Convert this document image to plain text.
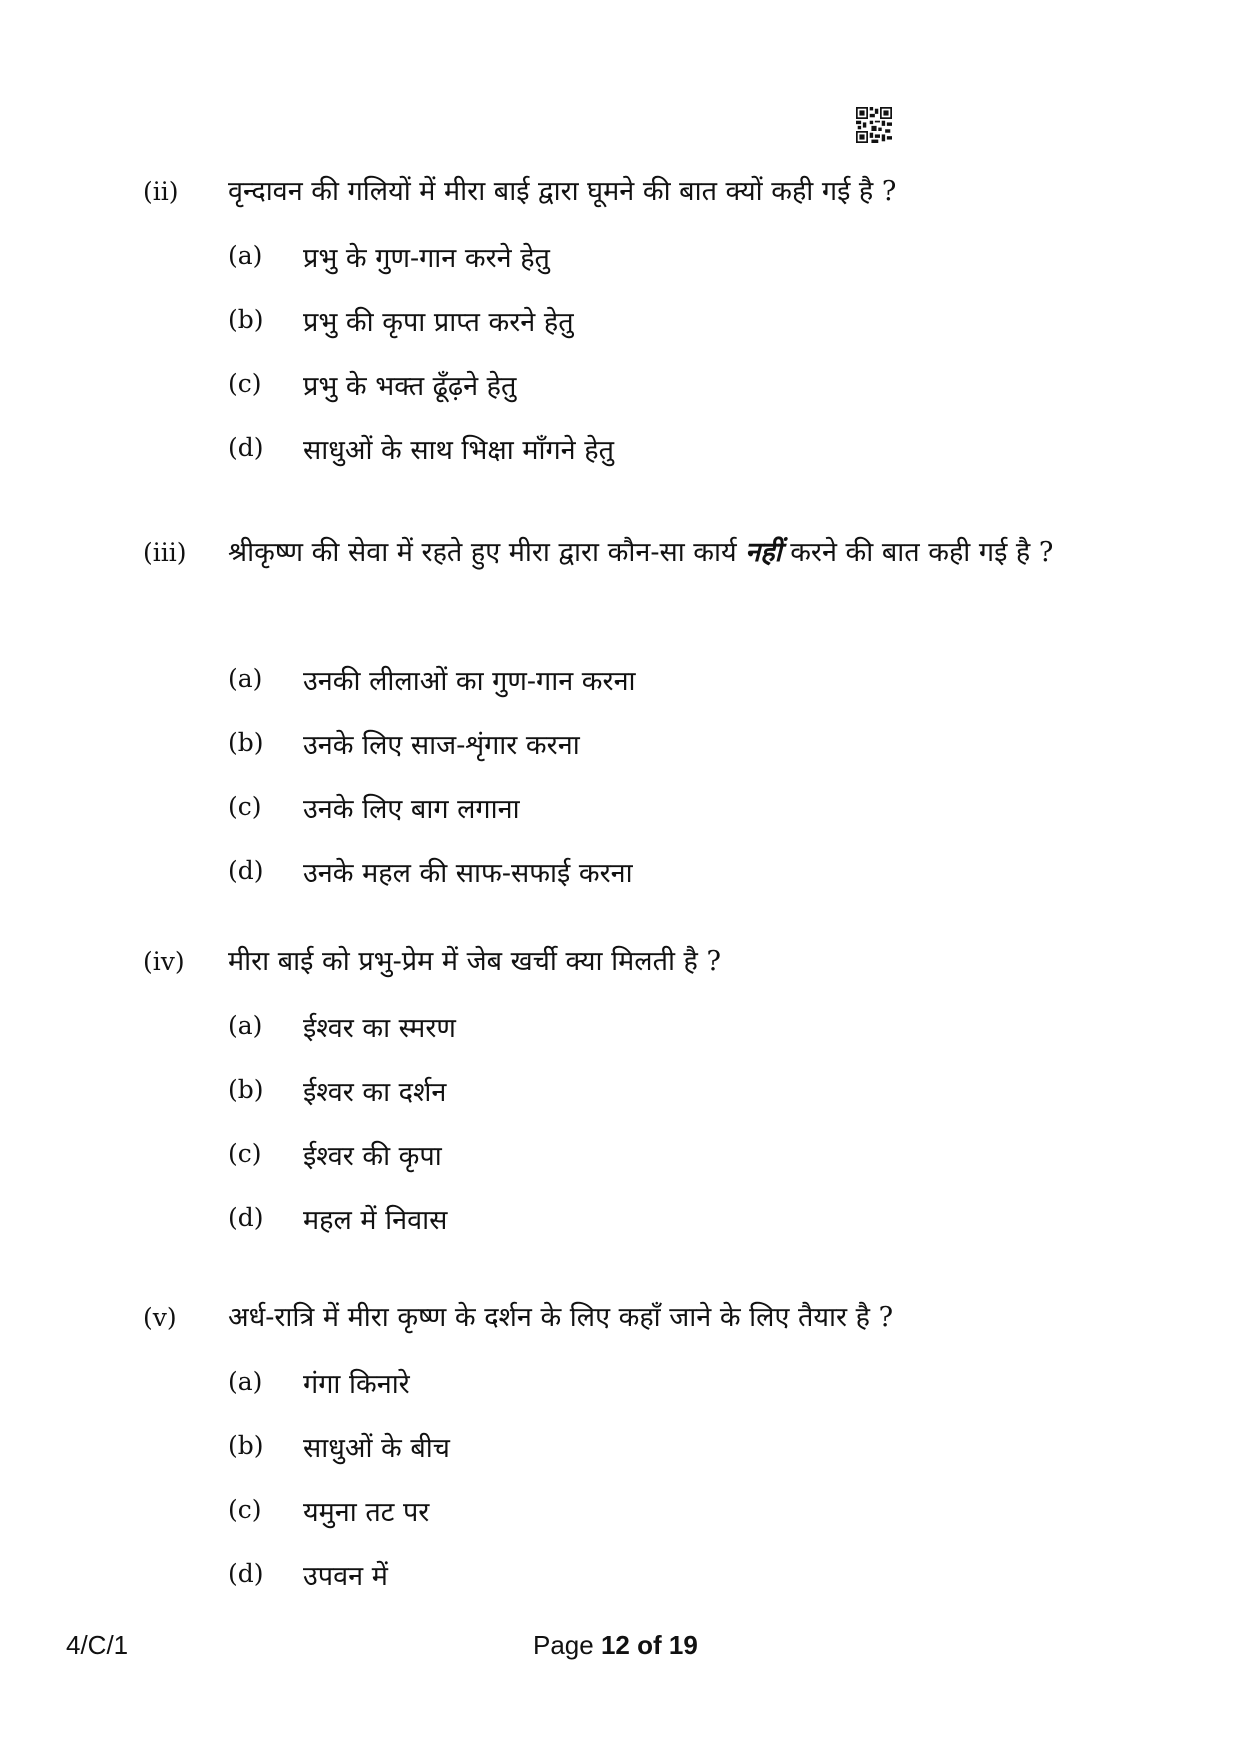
(ii) वृन्दावन की गलियों में मीरा बाई द्वारा घूमने की बात क्यों कही गई है ?
(a) प्रभु के गुण-गान करने हेतु
(b) प्रभु की कृपा प्राप्त करने हेतु
(c) प्रभु के भक्त ढूँढ़ने हेतु
(d) साधुओं के साथ भिक्षा माँगने हेतु
(iii) श्रीकृष्ण की सेवा में रहते हुए मीरा द्वारा कौन-सा कार्य नहीं करने की बात कही गई है ?
(a) उनकी लीलाओं का गुण-गान करना
(b) उनके लिए साज-शृंगार करना
(c) उनके लिए बाग लगाना
(d) उनके महल की साफ-सफाई करना
(iv) मीरा बाई को प्रभु-प्रेम में जेब खर्ची क्या मिलती है ?
(a) ईश्वर का स्मरण
(b) ईश्वर का दर्शन
(c) ईश्वर की कृपा
(d) महल में निवास
(v) अर्ध-रात्रि में मीरा कृष्ण के दर्शन के लिए कहाँ जाने के लिए तैयार है ?
(a) गंगा किनारे
(b) साधुओं के बीच
(c) यमुना तट पर
(d) उपवन में
4/C/1	Page 12 of 19
